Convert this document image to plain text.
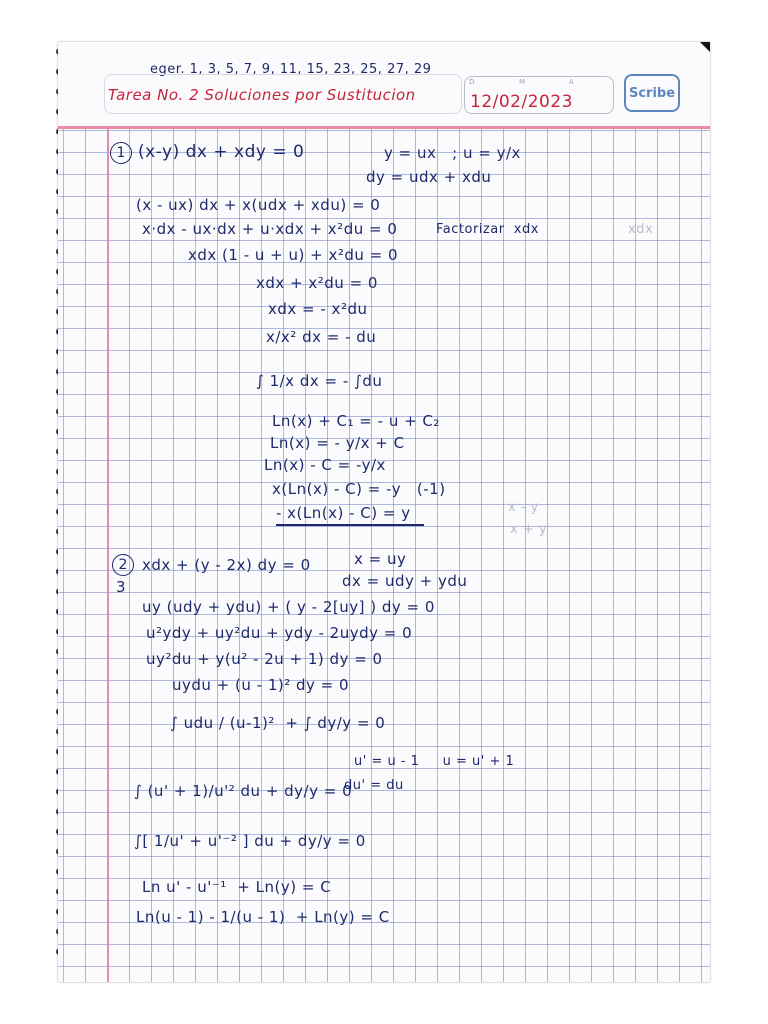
eger. 1, 3, 5, 7, 9, 11, 15, 23, 25, 27, 29
Tarea No. 2 Soluciones por Sustitucion
D	M	A
12/02/2023	Scribe
1 (x-y) dx + xdy = 0	y = ux   ; u = y/x
dy = udx + xdu
(x - ux) dx + x(udx + xdu) = 0
x·dx - ux·dx + u·xdx + x²du = 0	Factorizar  xdx
xdx (1 - u + u) + x²du = 0
xdx + x²du = 0
xdx = - x²du
x/x² dx = - du
∫ 1/x dx = - ∫du
Ln(x) + C₁ = - u + C₂
Ln(x) = - y/x + C
Ln(x) - C = -y/x
x(Ln(x) - C) = -y   (-1)
- x(Ln(x) - C) = y
xdx
x - y
x + y
2
3
xdx + (y - 2x) dy = 0	x = uy
dx = udy + ydu
uy (udy + ydu) + ( y - 2[uy] ) dy = 0
u²ydy + uy²du + ydy - 2uydy = 0
uy²du + y(u² - 2u + 1) dy = 0
uydu + (u - 1)² dy = 0
∫ udu / (u-1)²  + ∫ dy/y = 0
u' = u - 1     u = u' + 1
du' = du
∫ (u' + 1)/u'² du + dy/y = 0
∫[ 1/u' + u'⁻² ] du + dy/y = 0
Ln u' - u'⁻¹  + Ln(y) = C
Ln(u - 1) - 1/(u - 1)  + Ln(y) = C
